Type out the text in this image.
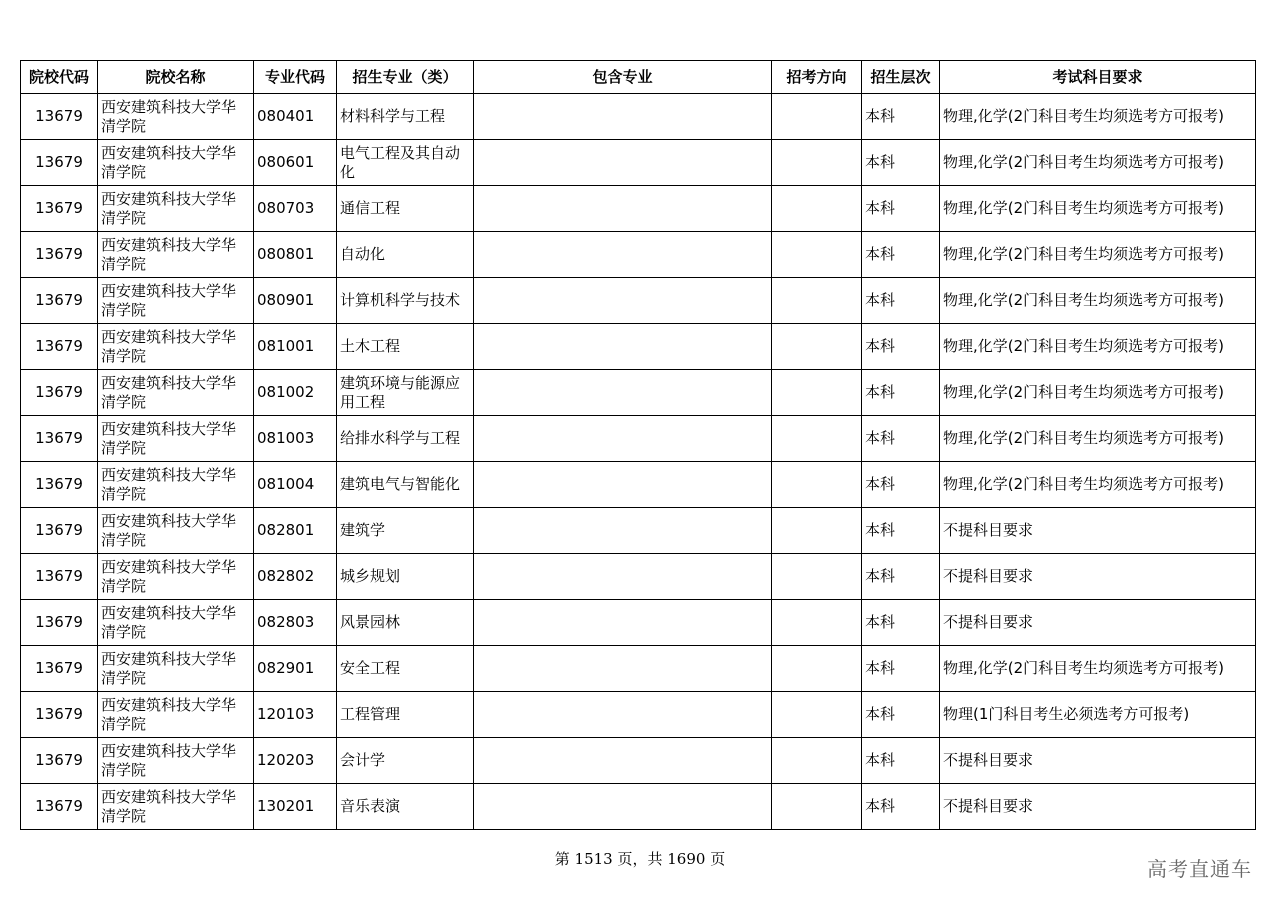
院校代码	院校名称	专业代码	招生专业（类）	包含专业	招考方向	招生层次	考试科目要求
13679	西安建筑科技大学华清学院	080401	材料科学与工程			本科	物理,化学(2门科目考生均须选考方可报考)
13679	西安建筑科技大学华清学院	080601	电气工程及其自动化			本科	物理,化学(2门科目考生均须选考方可报考)
13679	西安建筑科技大学华清学院	080703	通信工程			本科	物理,化学(2门科目考生均须选考方可报考)
13679	西安建筑科技大学华清学院	080801	自动化			本科	物理,化学(2门科目考生均须选考方可报考)
13679	西安建筑科技大学华清学院	080901	计算机科学与技术			本科	物理,化学(2门科目考生均须选考方可报考)
13679	西安建筑科技大学华清学院	081001	土木工程			本科	物理,化学(2门科目考生均须选考方可报考)
13679	西安建筑科技大学华清学院	081002	建筑环境与能源应用工程			本科	物理,化学(2门科目考生均须选考方可报考)
13679	西安建筑科技大学华清学院	081003	给排水科学与工程			本科	物理,化学(2门科目考生均须选考方可报考)
13679	西安建筑科技大学华清学院	081004	建筑电气与智能化			本科	物理,化学(2门科目考生均须选考方可报考)
13679	西安建筑科技大学华清学院	082801	建筑学			本科	不提科目要求
13679	西安建筑科技大学华清学院	082802	城乡规划			本科	不提科目要求
13679	西安建筑科技大学华清学院	082803	风景园林			本科	不提科目要求
13679	西安建筑科技大学华清学院	082901	安全工程			本科	物理,化学(2门科目考生均须选考方可报考)
13679	西安建筑科技大学华清学院	120103	工程管理			本科	物理(1门科目考生必须选考方可报考)
13679	西安建筑科技大学华清学院	120203	会计学			本科	不提科目要求
13679	西安建筑科技大学华清学院	130201	音乐表演			本科	不提科目要求
第 1513 页，共 1690 页	高考直通车
